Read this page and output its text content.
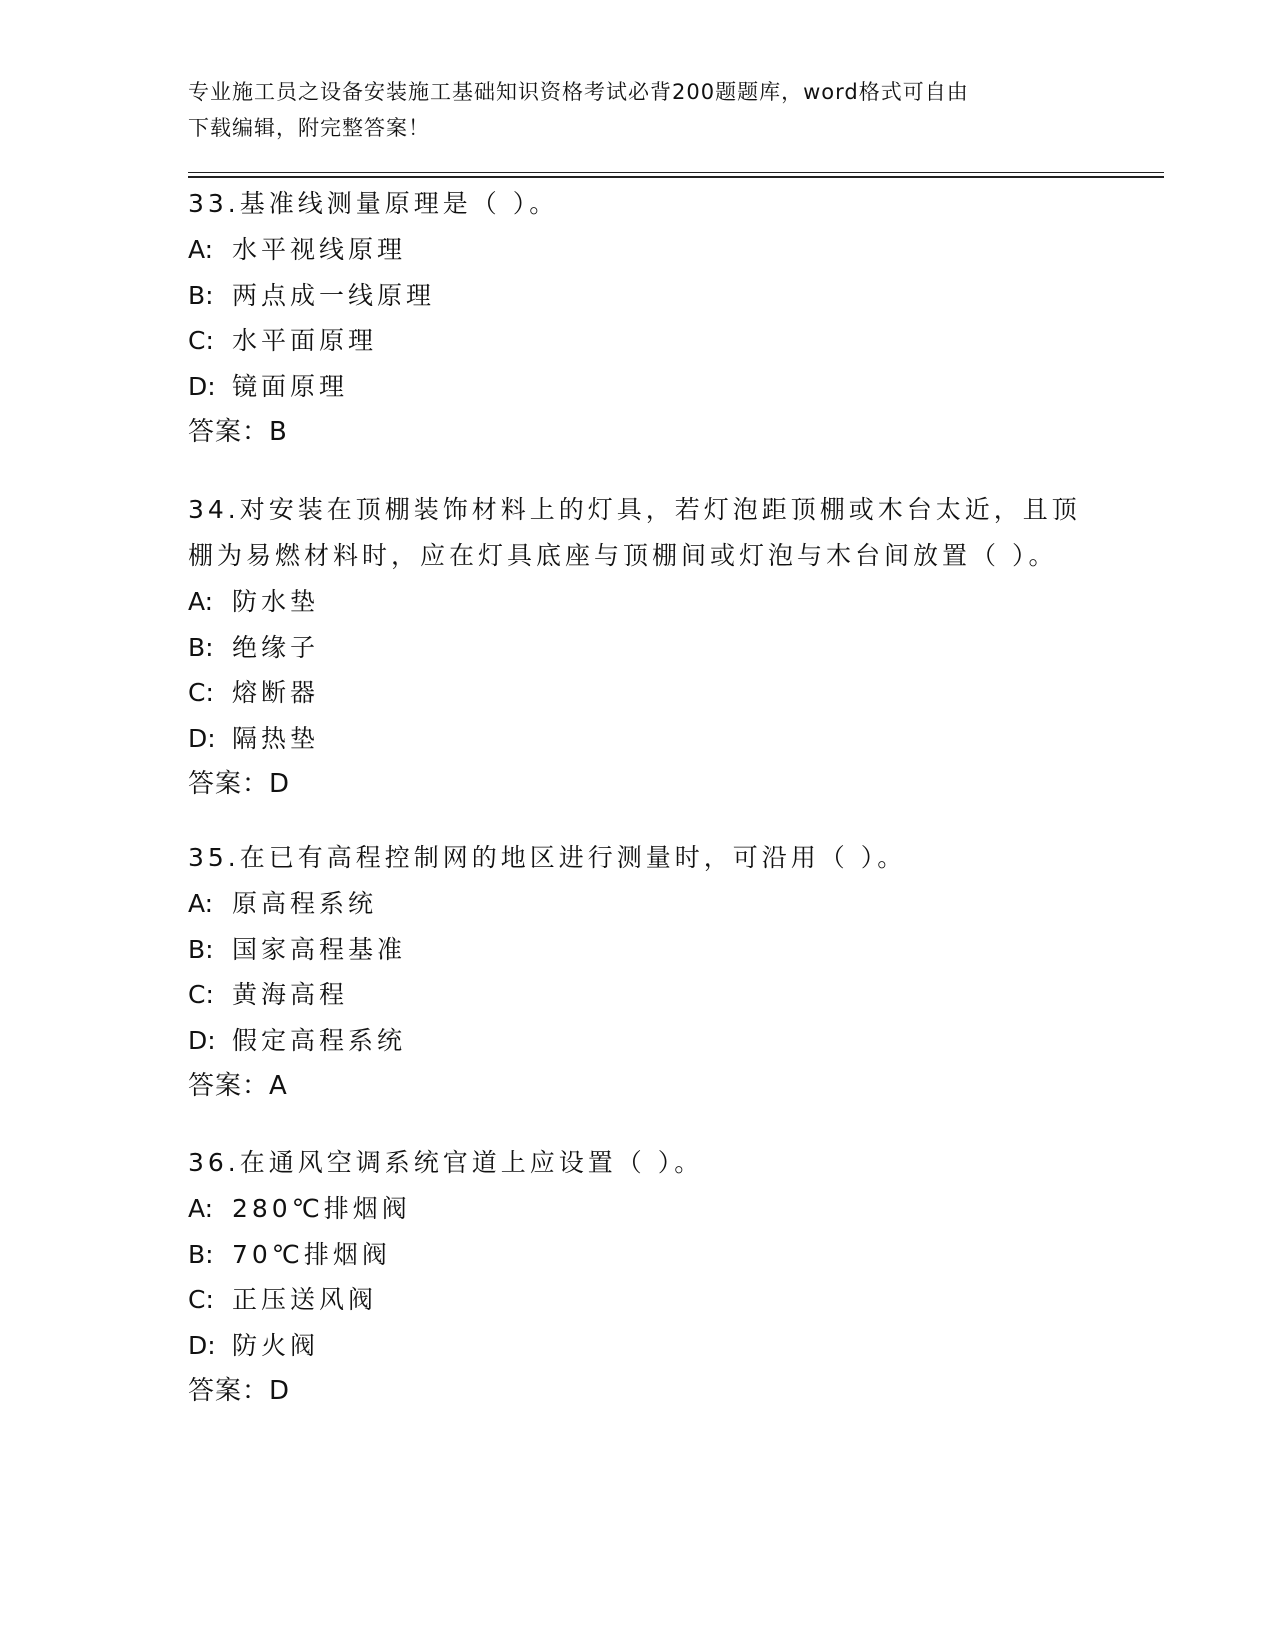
专业施工员之设备安装施工基础知识资格考试必背200题题库，word格式可自由
下载编辑，附完整答案！
33.基准线测量原理是（ ）。
A: 水平视线原理
B: 两点成一线原理
C: 水平面原理
D: 镜面原理
答案：B
34.对安装在顶棚装饰材料上的灯具，若灯泡距顶棚或木台太近，且顶
棚为易燃材料时，应在灯具底座与顶棚间或灯泡与木台间放置（ ）。
A: 防水垫
B: 绝缘子
C: 熔断器
D: 隔热垫
答案：D
35.在已有高程控制网的地区进行测量时，可沿用（ ）。
A: 原高程系统
B: 国家高程基准
C: 黄海高程
D: 假定高程系统
答案：A
36.在通风空调系统官道上应设置（ ）。
A: 280℃排烟阀
B: 70℃排烟阀
C: 正压送风阀
D: 防火阀
答案：D
